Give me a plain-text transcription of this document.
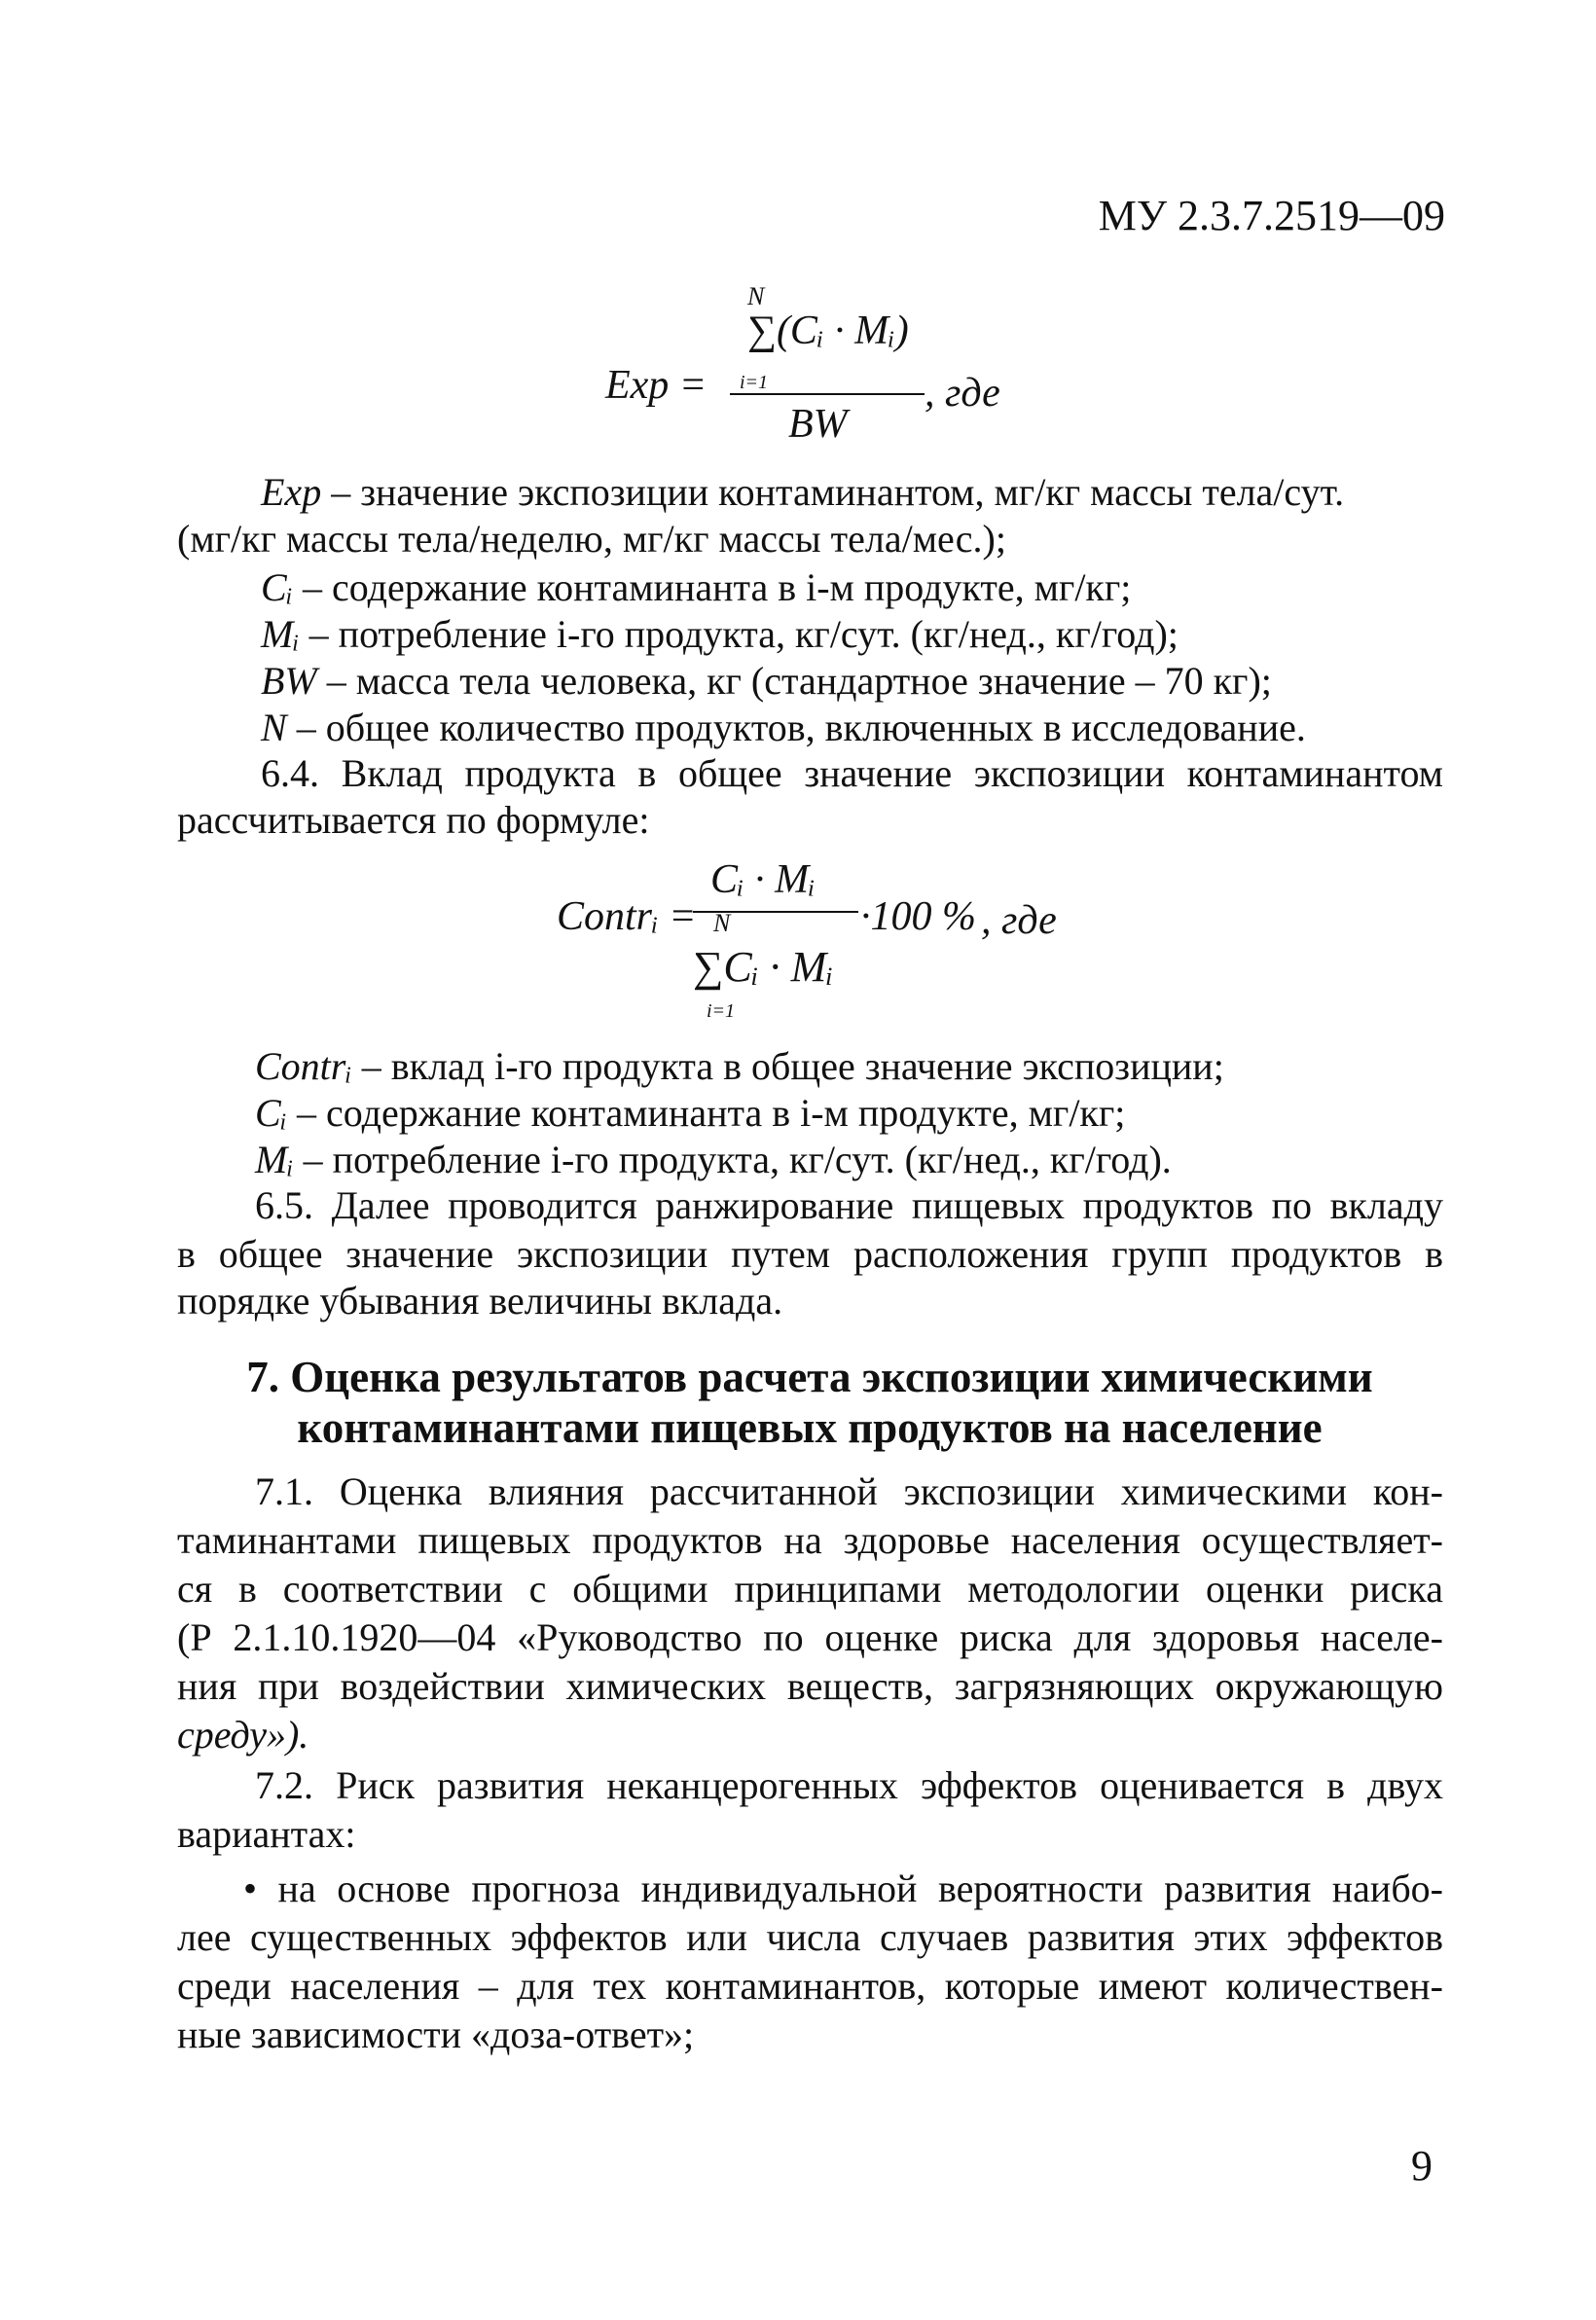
МУ 2.3.7.2519—09
Exp =
∑(Cᵢ · Mᵢ)
N
i=1
BW
, где
Exp – значение экспозиции контаминантом, мг/кг массы тела/сут.
(мг/кг массы тела/неделю, мг/кг массы тела/мес.);
Cᵢ – содержание контаминанта в i-м продукте, мг/кг;
Mᵢ – потребление i-го продукта, кг/сут. (кг/нед., кг/год);
BW – масса тела человека, кг (стандартное значение – 70 кг);
N – общее количество продуктов, включенных в исследование.
6.4. Вклад продукта в общее значение экспозиции контаминантом
рассчитывается по формуле:
Contrᵢ =
Cᵢ · Mᵢ
N
∑Cᵢ · Mᵢ
i=1
·100 % , где
Contrᵢ – вклад i-го продукта в общее значение экспозиции;
Cᵢ – содержание контаминанта в i-м продукте, мг/кг;
Mᵢ – потребление i-го продукта, кг/сут. (кг/нед., кг/год).
6.5. Далее проводится ранжирование пищевых продуктов по вкладу
в общее значение экспозиции путем расположения групп продуктов в
порядке убывания величины вклада.
7. Оценка результатов расчета экспозиции химическими
контаминантами пищевых продуктов на население
7.1. Оценка влияния рассчитанной экспозиции химическими кон-
таминантами пищевых продуктов на здоровье населения осуществляет-
ся в соответствии с общими принципами методологии оценки риска
(Р 2.1.10.1920—04 «Руководство по оценке риска для здоровья населе-
ния при воздействии химических веществ, загрязняющих окружающую
среду»).
7.2. Риск развития неканцерогенных эффектов оценивается в двух
вариантах:
• на основе прогноза индивидуальной вероятности развития наибо-
лее существенных эффектов или числа случаев развития этих эффектов
среди населения – для тех контаминантов, которые имеют количествен-
ные зависимости «доза-ответ»;
9
